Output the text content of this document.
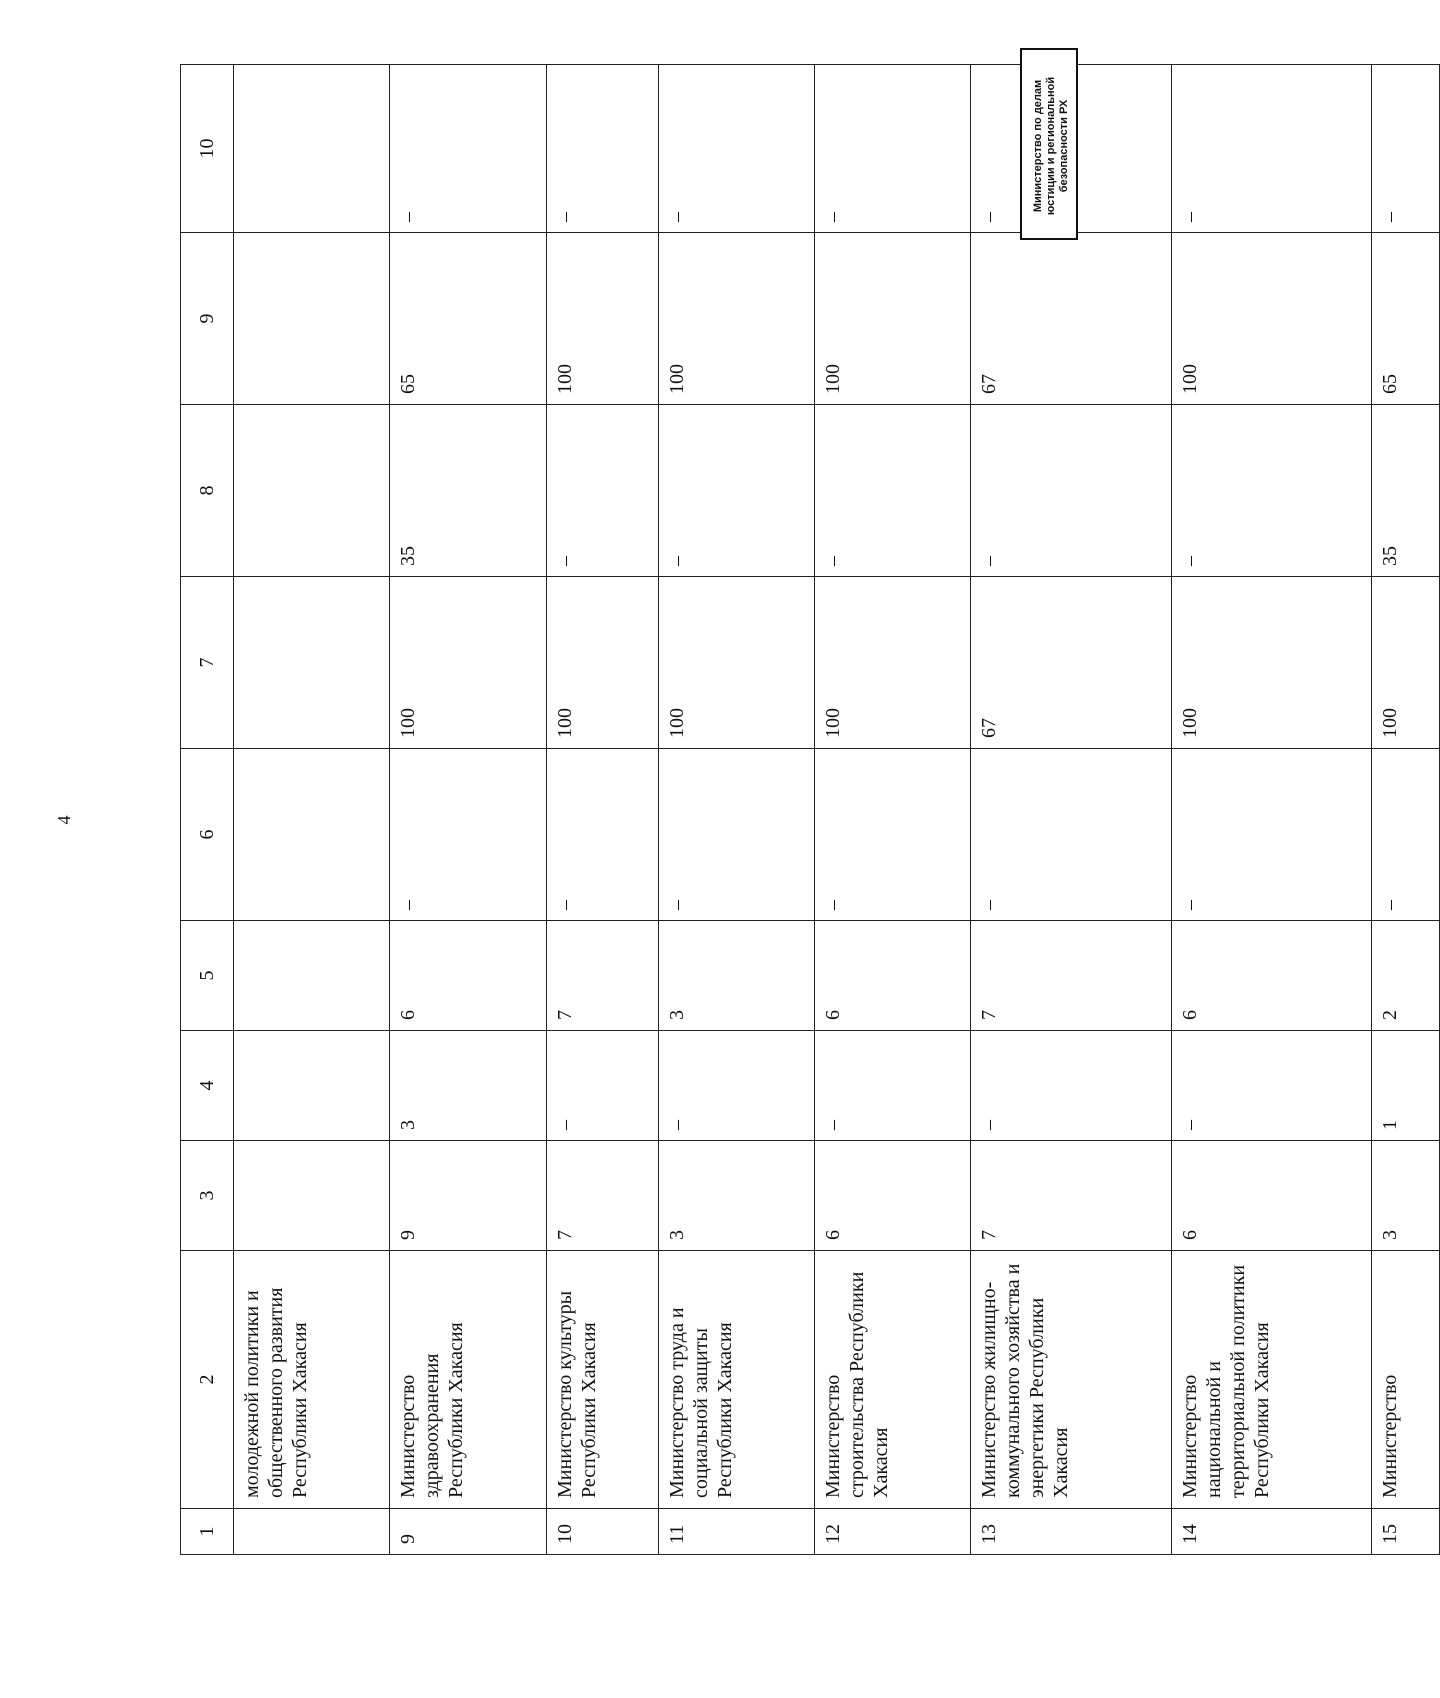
4
1	2	3	4	5	6	7	8	9	10
	молодежной политики и общественного развития Республики Хакасия								
9	Министерство здравоохранения Республики Хакасия	9	3	6	–	100	35	65	–
10	Министерство культуры Республики Хакасия	7	–	7	–	100	–	100	–
11	Министерство труда и социальной защиты Республики Хакасия	3	–	3	–	100	–	100	–
12	Министерство строительства Республики Хакасия	6	–	6	–	100	–	100	–
13	Министерство жилищно-коммунального хозяйства и энергетики Республики Хакасия	7	–	7	–	67	–	67	–
14	Министерство национальной и территориальной политики Республики Хакасия	6	–	6	–	100	–	100	–
15	Министерство	3	1	2	–	100	35	65	–
Министерство по делам юстиции и региональной безопасности РХ
